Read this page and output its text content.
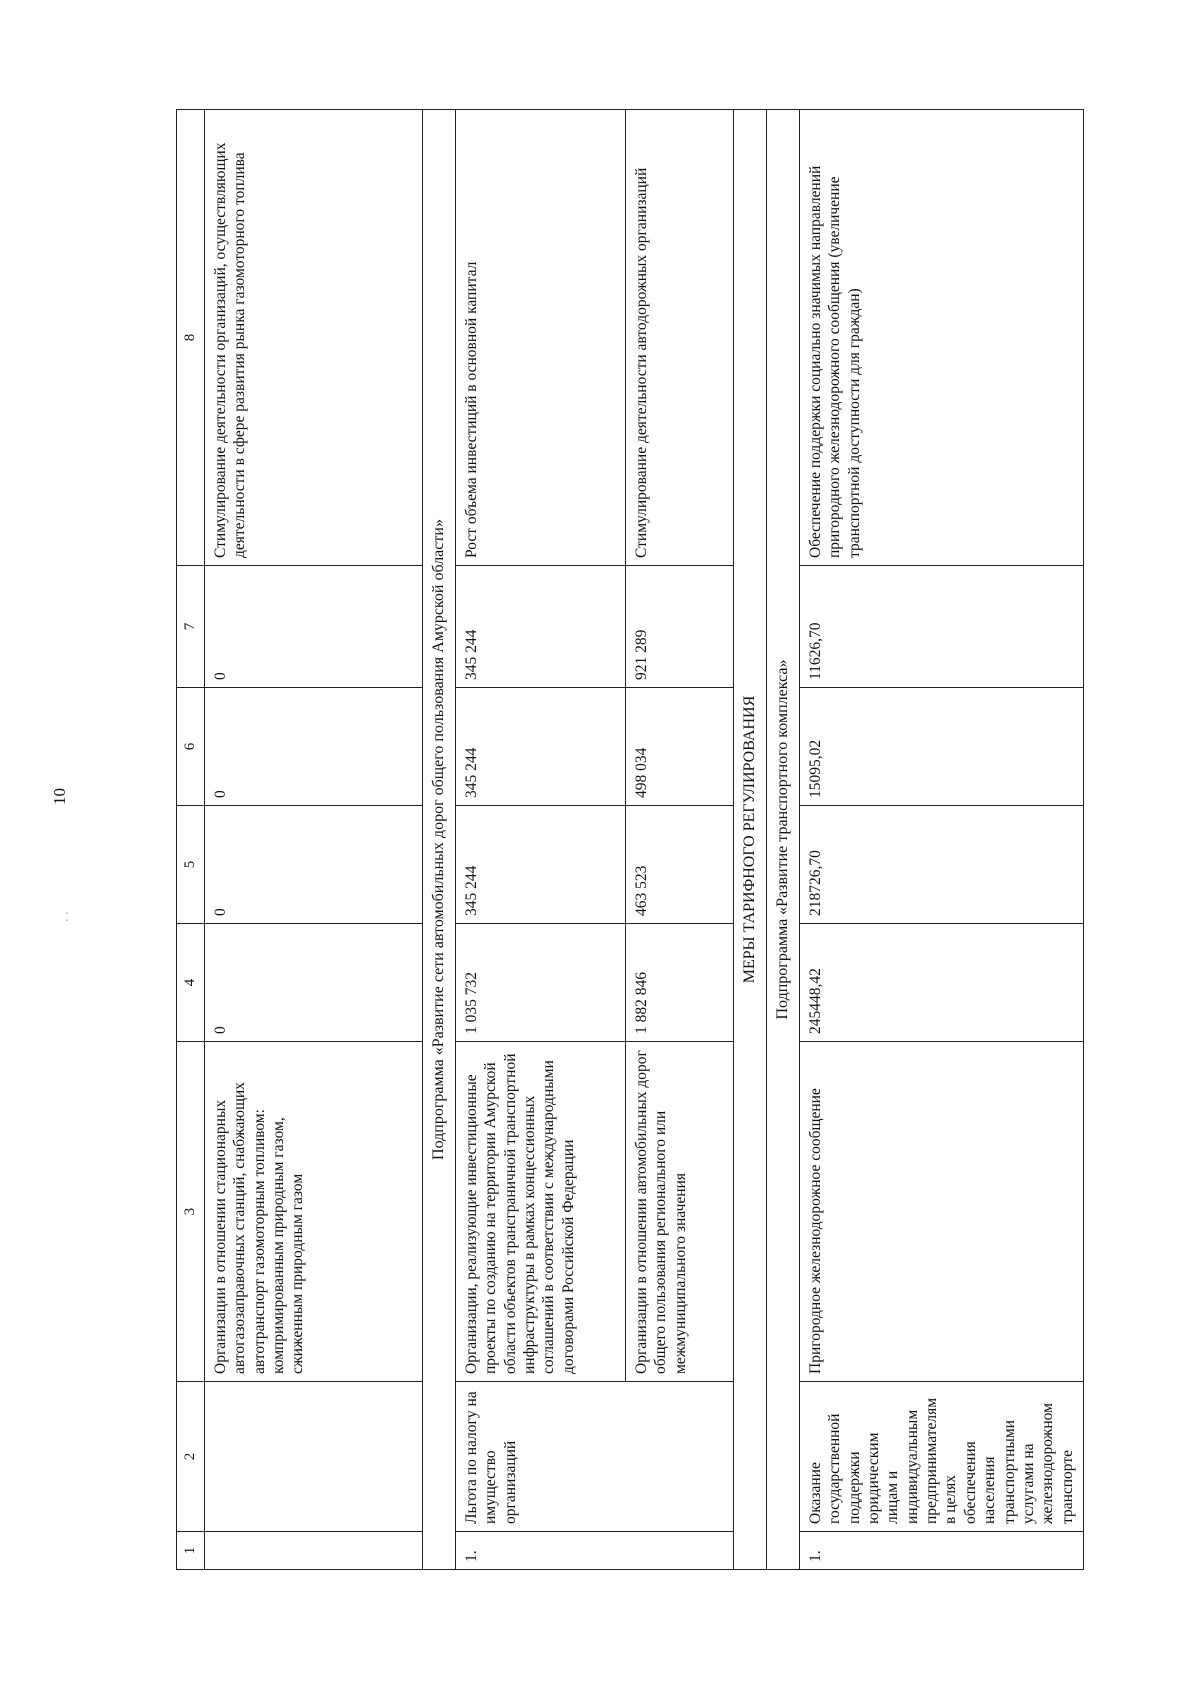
10
⁚
1	2	3	4	5	6	7	8
		Организации в отношении стационарных автогазозаправочных станций, снабжающих автотранспорт газомоторным топливом: компримированным природным газом, сжиженным природным газом	0	0	0	0	Стимулирование деятельности организаций, осуществляющих деятельности в сфере развития рынка газомоторного топлива
Подпрограмма «Развитие сети автомобильных дорог общего пользования Амурской области»							
1.	Льгота по налогу на имущество организаций	Организации, реализующие инвестиционные проекты по созданию на территории Амурской области объектов трансграничной транспортной инфраструктуры в рамках концессионных соглашений в соответствии с международными договорами Российской Федерации	1 035 732	345 244	345 244	345 244	Рост объема инвестиций в основной капитал
		Организации в отношении автомобильных дорог общего пользования регионального или межмуниципального значения	1 882 846	463 523	498 034	921 289	Стимулирование деятельности автодорожных организаций
МЕРЫ ТАРИФНОГО РЕГУЛИРОВАНИЯ							
Подпрограмма «Развитие транспортного комплекса»							
1.	Оказание государственной поддержки юридическим лицам и индивидуальным предпринимателям в целях обеспечения населения транспортными услугами на железнодорожном транспорте	Пригородное железнодорожное сообщение	245448,42	218726,70	15095,02	11626,70	Обеспечение поддержки социально значимых направлений пригородного железнодорожного сообщения (увеличение транспортной доступности для граждан)
